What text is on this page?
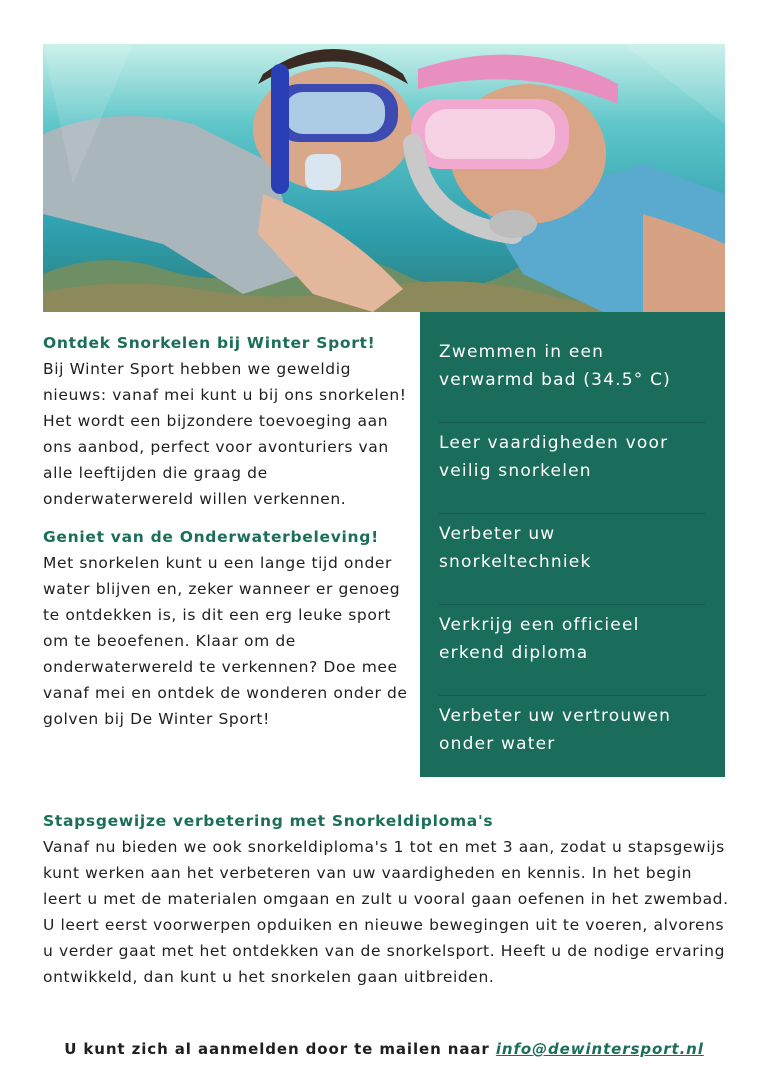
Ontdek Snorkelen bij Winter Sport!
Bij Winter Sport hebben we geweldig nieuws: vanaf mei kunt u bij ons snorkelen! Het wordt een bijzondere toevoeging aan ons aanbod, perfect voor avonturiers van alle leeftijden die graag de onderwaterwereld willen verkennen.
Geniet van de Onderwaterbeleving!
Met snorkelen kunt u een lange tijd onder water blijven en, zeker wanneer er genoeg te ontdekken is, is dit een erg leuke sport om te beoefenen. Klaar om de onderwaterwereld te verkennen? Doe mee vanaf mei en ontdek de wonderen onder de golven bij De Winter Sport!
Zwemmen in een verwarmd bad (34.5° C)
Leer vaardigheden voor veilig snorkelen
Verbeter uw snorkeltechniek
Verkrijg een officieel erkend diploma
Verbeter uw vertrouwen onder water
Stapsgewijze verbetering met Snorkeldiploma's
Vanaf nu bieden we ook snorkeldiploma's 1 tot en met 3 aan, zodat u stapsgewijs kunt werken aan het verbeteren van uw vaardigheden en kennis. In het begin leert u met de materialen omgaan en zult u vooral gaan oefenen in het zwembad. U leert eerst voorwerpen opduiken en nieuwe bewegingen uit te voeren, alvorens u verder gaat met het ontdekken van de snorkelsport. Heeft u de nodige ervaring ontwikkeld, dan kunt u het snorkelen gaan uitbreiden.
U kunt zich al aanmelden door te mailen naar info@dewintersport.nl
